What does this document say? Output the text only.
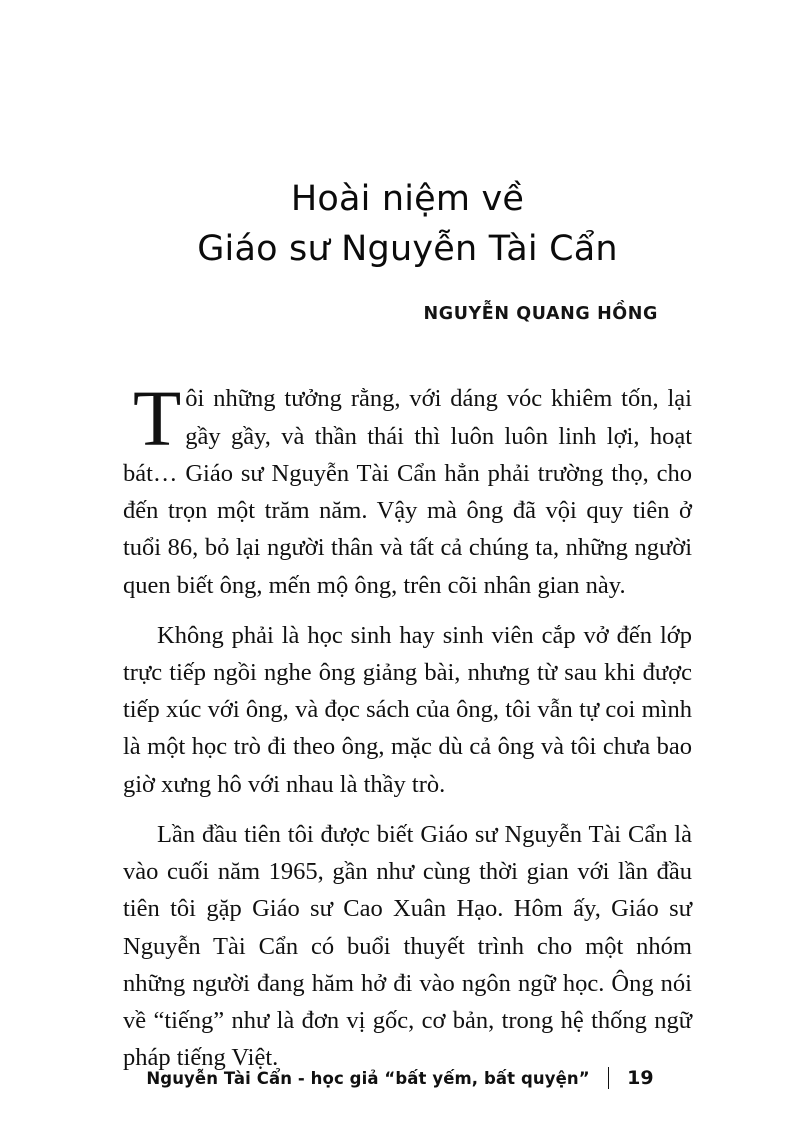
Hoài niệm về
Giáo sư Nguyễn Tài Cẩn
NGUYỄN QUANG HỒNG

Tôi những tưởng rằng, với dáng vóc khiêm tốn, lại gầy gầy, và thần thái thì luôn luôn linh lợi, hoạt bát… Giáo sư Nguyễn Tài Cẩn hẳn phải trường thọ, cho đến trọn một trăm năm. Vậy mà ông đã vội quy tiên ở tuổi 86, bỏ lại người thân và tất cả chúng ta, những người quen biết ông, mến mộ ông, trên cõi nhân gian này.

Không phải là học sinh hay sinh viên cắp vở đến lớp trực tiếp ngồi nghe ông giảng bài, nhưng từ sau khi được tiếp xúc với ông, và đọc sách của ông, tôi vẫn tự coi mình là một học trò đi theo ông, mặc dù cả ông và tôi chưa bao giờ xưng hô với nhau là thầy trò.

Lần đầu tiên tôi được biết Giáo sư Nguyễn Tài Cẩn là vào cuối năm 1965, gần như cùng thời gian với lần đầu tiên tôi gặp Giáo sư Cao Xuân Hạo. Hôm ấy, Giáo sư Nguyễn Tài Cẩn có buổi thuyết trình cho một nhóm những người đang hăm hở đi vào ngôn ngữ học. Ông nói về “tiếng” như là đơn vị gốc, cơ bản, trong hệ thống ngữ pháp tiếng Việt.

Nguyễn Tài Cẩn - học giả “bất yếm, bất quyện” 19
